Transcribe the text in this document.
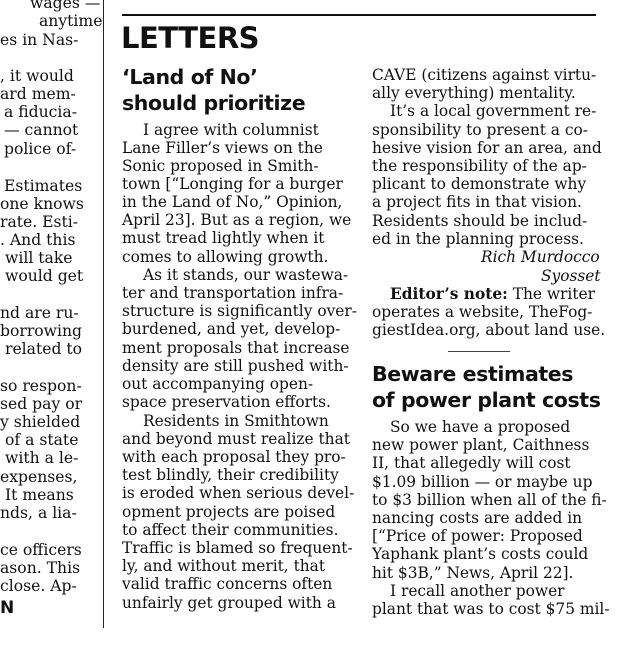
wages —
anytime
es in Nas-
, it would
ard mem-
a fiducia-
— cannot
police of-
Estimates
one knows
rate. Esti-
. And this
will take
would get
nd are ru-
borrowing
related to
so respon-
sed pay or
y shielded
of a state
with a le-
expenses,
It means
nds, a lia-
ce officers
ason. This
close. Ap-
N
LETTERS
‘Land of No’
should prioritize
I agree with columnist
Lane Filler’s views on the
Sonic proposed in Smith-
town [“Longing for a burger
in the Land of No,” Opinion,
April 23]. But as a region, we
must tread lightly when it
comes to allowing growth.
As it stands, our wastewa-
ter and transportation infra-
structure is significantly over-
burdened, and yet, develop-
ment proposals that increase
density are still pushed with-
out accompanying open-
space preservation efforts.
Residents in Smithtown
and beyond must realize that
with each proposal they pro-
test blindly, their credibility
is eroded when serious devel-
opment projects are poised
to affect their communities.
Traffic is blamed so frequent-
ly, and without merit, that
valid traffic concerns often
unfairly get grouped with a
CAVE (citizens against virtu-
ally everything) mentality.
It’s a local government re-
sponsibility to present a co-
hesive vision for an area, and
the responsibility of the ap-
plicant to demonstrate why
a project fits in that vision.
Residents should be includ-
ed in the planning process.
Rich Murdocco
Syosset
Editor’s note: The writer
operates a website, TheFog-
giestIdea.org, about land use.
Beware estimates
of power plant costs
So we have a proposed
new power plant, Caithness
II, that allegedly will cost
$1.09 billion — or maybe up
to $3 billion when all of the fi-
nancing costs are added in
[“Price of power: Proposed
Yaphank plant’s costs could
hit $3B,” News, April 22].
I recall another power
plant that was to cost $75 mil-
